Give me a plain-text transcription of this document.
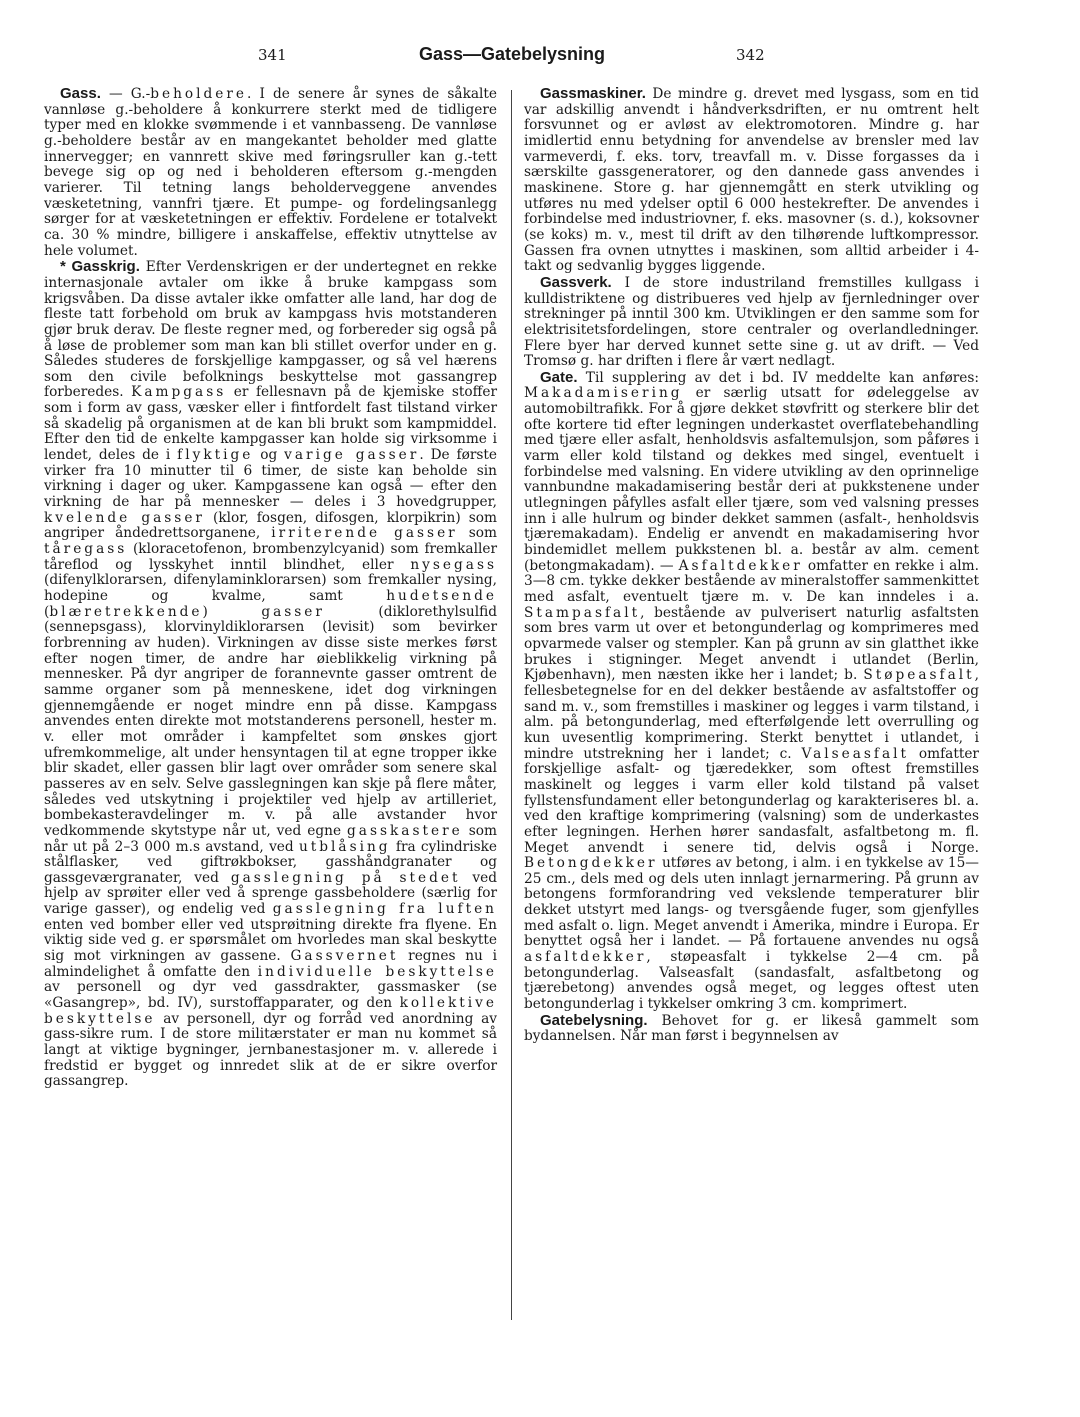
341	Gass—Gatebelysning	342

Gass. — G.-beholdere. I de senere år synes de såkalte vannløse g.-beholdere å konkurrere sterkt med de tidligere typer med en klokke svømmende i et vannbasseng. De vannløse g.-beholdere består av en mangekantet beholder med glatte innervegger; en vannrett skive med føringsruller kan g.-tett bevege sig op og ned i beholderen eftersom g.-mengden varierer. Til tetning langs beholderveggene anvendes væsketetning, vannfri tjære. Et pumpe- og fordelingsanlegg sørger for at væsketetningen er effektiv. Fordelene er totalvekt ca. 30 % mindre, billigere i anskaffelse, effektiv utnyttelse av hele volumet.

* Gasskrig. Efter Verdenskrigen er der undertegnet en rekke internasjonale avtaler om ikke å bruke kampgass som krigsvåben. Da disse avtaler ikke omfatter alle land, har dog de fleste tatt forbehold om bruk av kampgass hvis motstanderen gjør bruk derav. De fleste regner med, og forbereder sig også på å løse de problemer som man kan bli stillet overfor under en g. Således studeres de forskjellige kampgasser, og så vel hærens som den civile befolknings beskyttelse mot gassangrep forberedes. Kampgass er fellesnavn på de kjemiske stoffer som i form av gass, væsker eller i fintfordelt fast tilstand virker så skadelig på organismen at de kan bli brukt som kampmiddel. Efter den tid de enkelte kampgasser kan holde sig virksomme i lendet, deles de i flyktige og varige gasser. De første virker fra 10 minutter til 6 timer, de siste kan beholde sin virkning i dager og uker. Kampgassene kan også — efter den virkning de har på mennesker — deles i 3 hovedgrupper, kvelende gasser (klor, fosgen, difosgen, klorpikrin) som angriper åndedrettsorganene, irriterende gasser som tåregass (kloracetofenon, brombenzylcyanid) som fremkaller tåreflod og lysskyhet inntil blindhet, eller nysegass (difenylklorarsen, difenylaminklorarsen) som fremkaller nysing, hodepine og kvalme, samt hudetsende (blæretrekkende) gasser (diklorethylsulfid (sennepsgass), klorvinyldiklorarsen (levisit) som bevirker forbrenning av huden). Virkningen av disse siste merkes først efter nogen timer, de andre har øieblikkelig virkning på mennesker. På dyr angriper de forannevnte gasser omtrent de samme organer som på menneskene, idet dog virkningen gjennemgående er noget mindre enn på disse. Kampgass anvendes enten direkte mot motstanderens personell, hester m. v. eller mot områder i kampfeltet som ønskes gjort ufremkommelige, alt under hensyntagen til at egne tropper ikke blir skadet, eller gassen blir lagt over områder som senere skal passeres av en selv. Selve gasslegningen kan skje på flere måter, således ved utskytning i projektiler ved hjelp av artilleriet, bombekasteravdelinger m. v. på alle avstander hvor vedkommende skytstype når ut, ved egne gasskastere som når ut på 2–3 000 m.s avstand, ved utblåsing fra cylindriske stålflasker, ved giftrøkbokser, gasshåndgranater og gassgeværgranater, ved gasslegning på stedet ved hjelp av sprøiter eller ved å sprenge gassbeholdere (særlig for varige gasser), og endelig ved gasslegning fra luften enten ved bomber eller ved utsprøitning direkte fra flyene. En viktig side ved g. er spørsmålet om hvorledes man skal beskytte sig mot virkningen av gassene. Gassvernet regnes nu i almindelighet å omfatte den individuelle beskyttelse av personell og dyr ved gassdrakter, gassmasker (se «Gasangrep», bd. IV), surstoffapparater, og den kollektive beskyttelse av personell, dyr og forråd ved anordning av gass-sikre rum. I de store militærstater er man nu kommet så langt at viktige bygninger, jernbanestasjoner m. v. allerede i fredstid er bygget og innredet slik at de er sikre overfor gassangrep.

Gassmaskiner. De mindre g. drevet med lysgass, som en tid var adskillig anvendt i håndverksdriften, er nu omtrent helt forsvunnet og er avløst av elektromotoren. Mindre g. har imidlertid ennu betydning for anvendelse av brensler med lav varmeverdi, f. eks. torv, treavfall m. v. Disse forgasses da i særskilte gassgeneratorer, og den dannede gass anvendes i maskinene. Store g. har gjennemgått en sterk utvikling og utføres nu med ydelser optil 6 000 hestekrefter. De anvendes i forbindelse med industriovner, f. eks. masovner (s. d.), koksovner (se koks) m. v., mest til drift av den tilhørende luftkompressor. Gassen fra ovnen utnyttes i maskinen, som alltid arbeider i 4-takt og sedvanlig bygges liggende.

Gassverk. I de store industriland fremstilles kullgass i kulldistriktene og distribueres ved hjelp av fjernledninger over strekninger på inntil 300 km. Utviklingen er den samme som for elektrisitetsfordelingen, store centraler og overlandledninger. Flere byer har derved kunnet sette sine g. ut av drift. — Ved Tromsø g. har driften i flere år vært nedlagt.

Gate. Til supplering av det i bd. IV meddelte kan anføres: Makadamisering er særlig utsatt for ødeleggelse av automobiltrafikk. For å gjøre dekket støvfritt og sterkere blir det ofte kortere tid efter legningen underkastet overflatebehandling med tjære eller asfalt, henholdsvis asfaltemulsjon, som påføres i varm eller kold tilstand og dekkes med singel, eventuelt i forbindelse med valsning. En videre utvikling av den oprinnelige vannbundne makadamisering består deri at pukkstenene under utlegningen påfylles asfalt eller tjære, som ved valsning presses inn i alle hulrum og binder dekket sammen (asfalt-, henholdsvis tjæremakadam). Endelig er anvendt en makadamisering hvor bindemidlet mellem pukkstenen bl. a. består av alm. cement (betongmakadam). — Asfaltdekker omfatter en rekke i alm. 3—8 cm. tykke dekker bestående av mineralstoffer sammenkittet med asfalt, eventuelt tjære m. v. De kan inndeles i a. Stampasfalt, bestående av pulverisert naturlig asfaltsten som bres varm ut over et betongunderlag og komprimeres med opvarmede valser og stempler. Kan på grunn av sin glatthet ikke brukes i stigninger. Meget anvendt i utlandet (Berlin, Kjøbenhavn), men næsten ikke her i landet; b. Støpeasfalt, fellesbetegnelse for en del dekker bestående av asfaltstoffer og sand m. v., som fremstilles i maskiner og legges i varm tilstand, i alm. på betongunderlag, med efterfølgende lett overrulling og kun uvesentlig komprimering. Sterkt benyttet i utlandet, i mindre utstrekning her i landet; c. Valseasfalt omfatter forskjellige asfalt- og tjæredekker, som oftest fremstilles maskinelt og legges i varm eller kold tilstand på valset fyllstensfundament eller betongunderlag og karakteriseres bl. a. ved den kraftige komprimering (valsning) som de underkastes efter legningen. Herhen hører sandasfalt, asfaltbetong m. fl. Meget anvendt i senere tid, delvis også i Norge. Betongdekker utføres av betong, i alm. i en tykkelse av 15—25 cm., dels med og dels uten innlagt jernarmering. På grunn av betongens formforandring ved vekslende temperaturer blir dekket utstyrt med langs- og tversgående fuger, som gjenfylles med asfalt o. lign. Meget anvendt i Amerika, mindre i Europa. Er benyttet også her i landet. — På fortauene anvendes nu også asfaltdekker, støpeasfalt i tykkelse 2—4 cm. på betongunderlag. Valseasfalt (sandasfalt, asfaltbetong og tjærebetong) anvendes også meget, og legges oftest uten betongunderlag i tykkelser omkring 3 cm. komprimert.

Gatebelysning. Behovet for g. er likeså gammelt som bydannelsen. Når man først i begynnelsen av
